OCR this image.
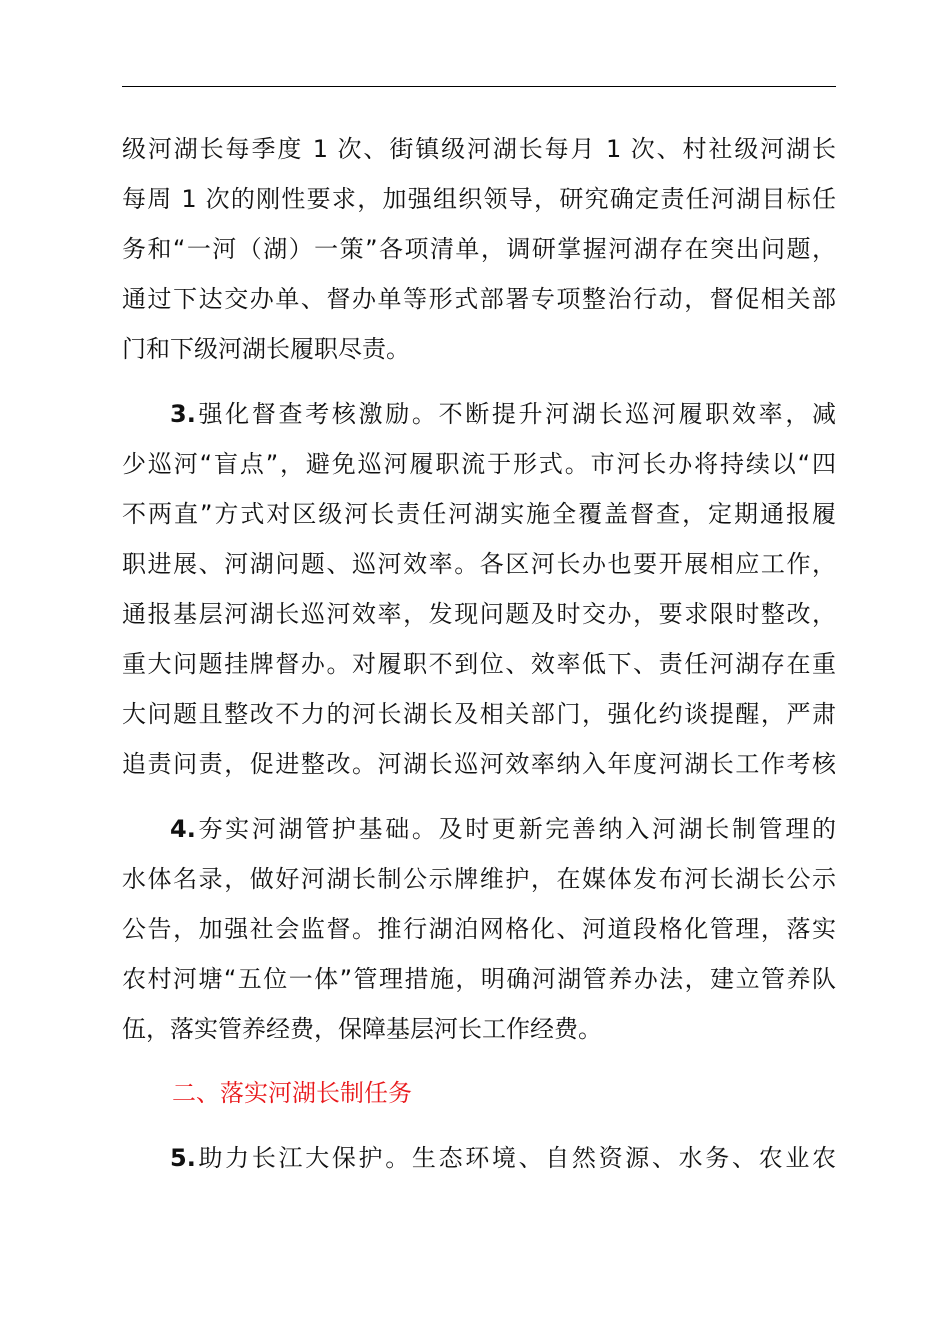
级河湖长每季度 1 次、街镇级河湖长每月 1 次、村社级河湖长
每周 1 次的刚性要求，加强组织领导，研究确定责任河湖目标任
务和“一河（湖）一策”各项清单，调研掌握河湖存在突出问题，
通过下达交办单、督办单等形式部署专项整治行动，督促相关部
门和下级河湖长履职尽责。
3.强化督查考核激励。不断提升河湖长巡河履职效率，减
少巡河“盲点”，避免巡河履职流于形式。市河长办将持续以“四
不两直”方式对区级河长责任河湖实施全覆盖督查，定期通报履
职进展、河湖问题、巡河效率。各区河长办也要开展相应工作，
通报基层河湖长巡河效率，发现问题及时交办，要求限时整改，
重大问题挂牌督办。对履职不到位、效率低下、责任河湖存在重
大问题且整改不力的河长湖长及相关部门，强化约谈提醒，严肃
追责问责，促进整改。河湖长巡河效率纳入年度河湖长工作考核
4.夯实河湖管护基础。及时更新完善纳入河湖长制管理的
水体名录，做好河湖长制公示牌维护，在媒体发布河长湖长公示
公告，加强社会监督。推行湖泊网格化、河道段格化管理，落实
农村河塘“五位一体”管理措施，明确河湖管养办法，建立管养队
伍，落实管养经费，保障基层河长工作经费。
二、落实河湖长制任务
5.助力长江大保护。生态环境、自然资源、水务、农业农
